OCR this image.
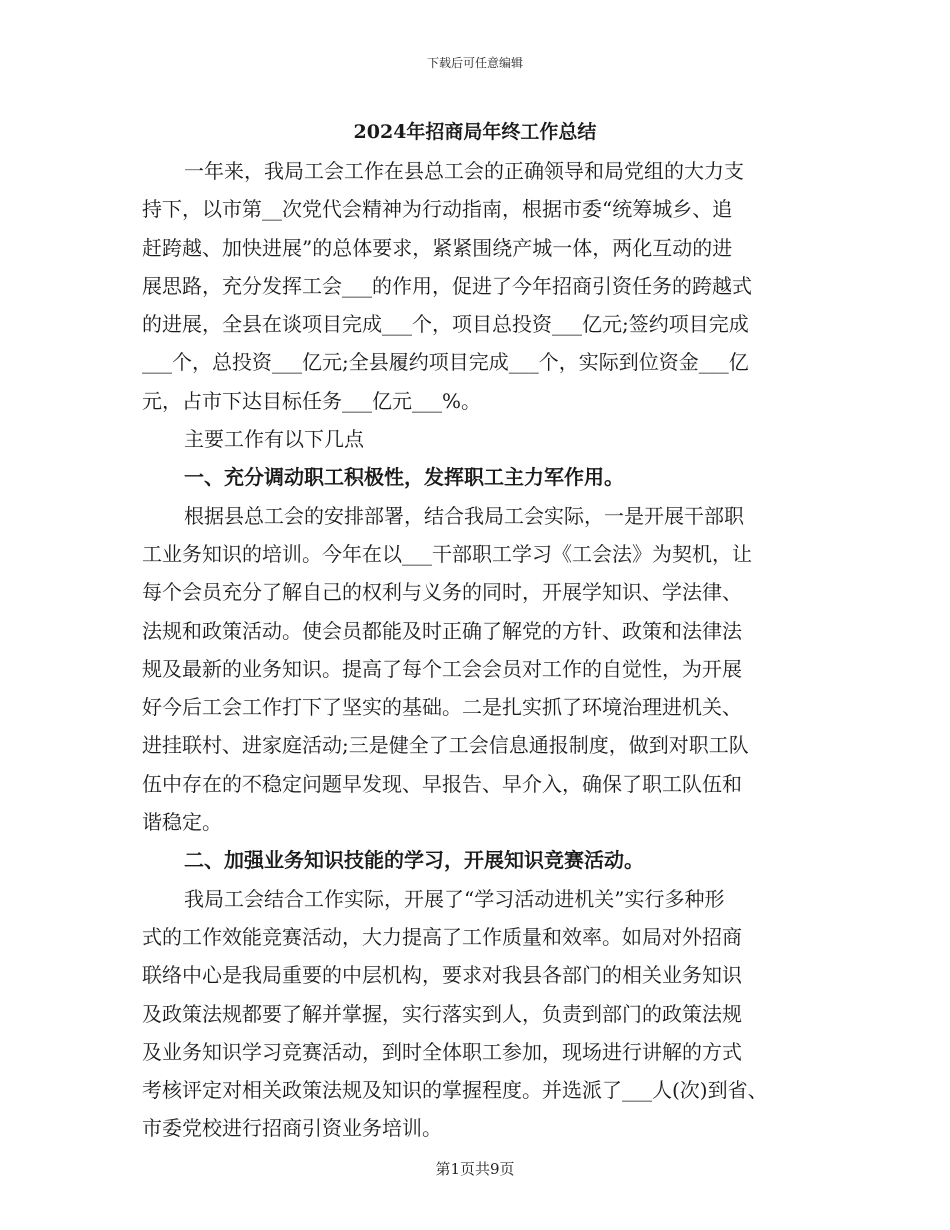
下载后可任意编辑
2024年招商局年终工作总结
一年来，我局工会工作在县总工会的正确领导和局党组的大力支
持下，以市第__次党代会精神为行动指南，根据市委“统筹城乡、追
赶跨越、加快进展”的总体要求，紧紧围绕产城一体，两化互动的进
展思路，充分发挥工会___的作用，促进了今年招商引资任务的跨越式
的进展，全县在谈项目完成___个，项目总投资___亿元;签约项目完成
___个，总投资___亿元;全县履约项目完成___个，实际到位资金___亿
元，占市下达目标任务___亿元___%。
主要工作有以下几点
一、充分调动职工积极性，发挥职工主力军作用。
根据县总工会的安排部署，结合我局工会实际，一是开展干部职
工业务知识的培训。今年在以___干部职工学习《工会法》为契机，让
每个会员充分了解自己的权利与义务的同时，开展学知识、学法律、
法规和政策活动。使会员都能及时正确了解党的方针、政策和法律法
规及最新的业务知识。提高了每个工会会员对工作的自觉性，为开展
好今后工会工作打下了坚实的基础。二是扎实抓了环境治理进机关、
进挂联村、进家庭活动;三是健全了工会信息通报制度，做到对职工队
伍中存在的不稳定问题早发现、早报告、早介入，确保了职工队伍和
谐稳定。
二、加强业务知识技能的学习，开展知识竞赛活动。
我局工会结合工作实际，开展了“学习活动进机关”实行多种形
式的工作效能竞赛活动，大力提高了工作质量和效率。如局对外招商
联络中心是我局重要的中层机构，要求对我县各部门的相关业务知识
及政策法规都要了解并掌握，实行落实到人，负责到部门的政策法规
及业务知识学习竞赛活动，到时全体职工参加，现场进行讲解的方式
考核评定对相关政策法规及知识的掌握程度。并选派了___人(次)到省、
市委党校进行招商引资业务培训。
第1页共9页
